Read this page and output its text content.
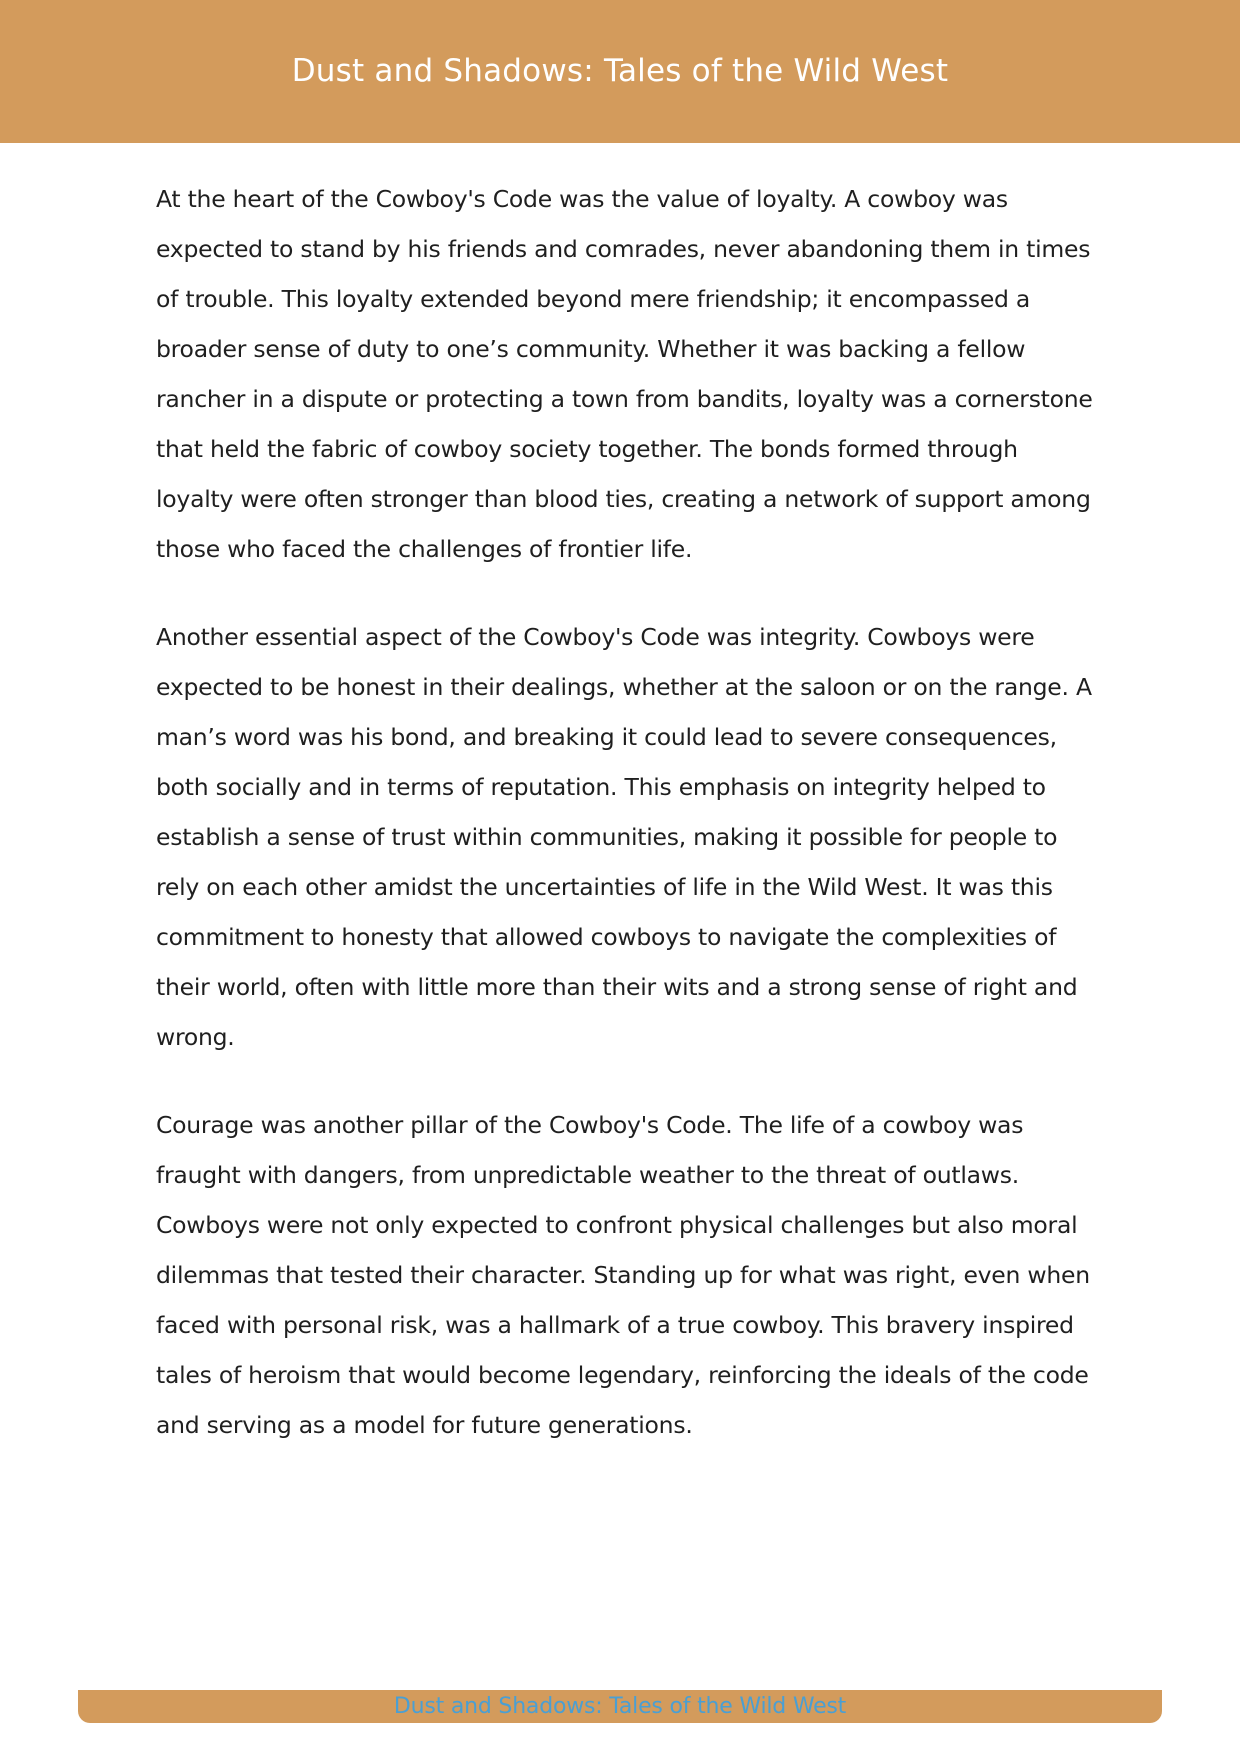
Dust and Shadows: Tales of the Wild West

At the heart of the Cowboy's Code was the value of loyalty. A cowboy was expected to stand by his friends and comrades, never abandoning them in times of trouble. This loyalty extended beyond mere friendship; it encompassed a broader sense of duty to one’s community. Whether it was backing a fellow rancher in a dispute or protecting a town from bandits, loyalty was a cornerstone that held the fabric of cowboy society together. The bonds formed through loyalty were often stronger than blood ties, creating a network of support among those who faced the challenges of frontier life.

Another essential aspect of the Cowboy's Code was integrity. Cowboys were expected to be honest in their dealings, whether at the saloon or on the range. A man’s word was his bond, and breaking it could lead to severe consequences, both socially and in terms of reputation. This emphasis on integrity helped to establish a sense of trust within communities, making it possible for people to rely on each other amidst the uncertainties of life in the Wild West. It was this commitment to honesty that allowed cowboys to navigate the complexities of their world, often with little more than their wits and a strong sense of right and wrong.

Courage was another pillar of the Cowboy's Code. The life of a cowboy was fraught with dangers, from unpredictable weather to the threat of outlaws. Cowboys were not only expected to confront physical challenges but also moral dilemmas that tested their character. Standing up for what was right, even when faced with personal risk, was a hallmark of a true cowboy. This bravery inspired tales of heroism that would become legendary, reinforcing the ideals of the code and serving as a model for future generations.

Dust and Shadows: Tales of the Wild West
